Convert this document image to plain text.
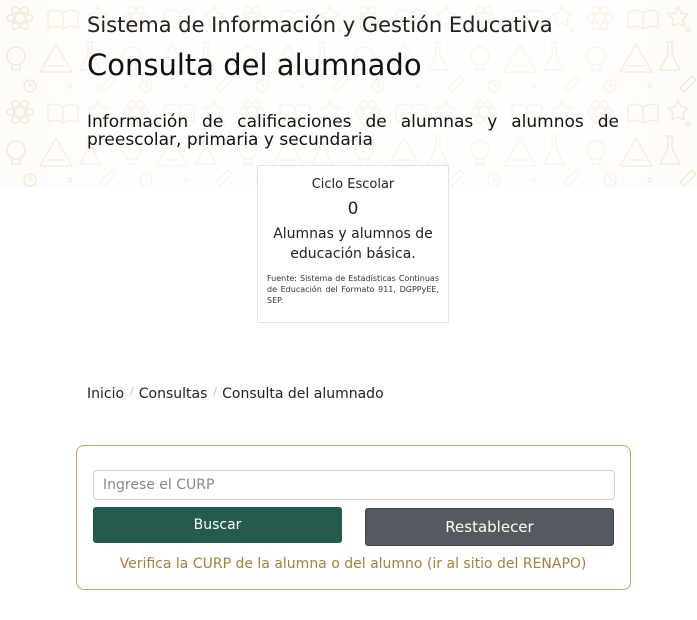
Sistema de Información y Gestión Educativa
Consulta del alumnado

Información de calificaciones de alumnas y alumnos de preescolar, primaria y secundaria

Ciclo Escolar
0
Alumnas y alumnos de educación básica.
Fuente: Sistema de Estadísticas Continuas de Educación del Formato 911, DGPPyEE, SEP.
Inicio / Consultas / Consulta del alumnado
Ingrese el CURP
Buscar	Restablecer
Verifica la CURP de la alumna o del alumno (ir al sitio del RENAPO)
